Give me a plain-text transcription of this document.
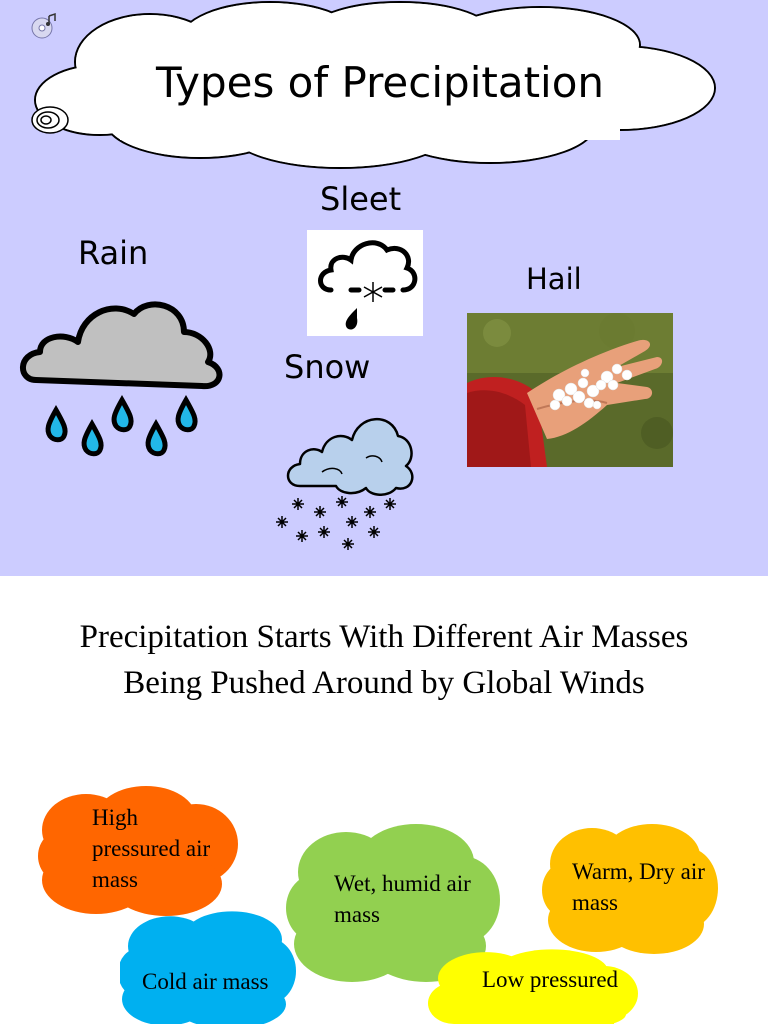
Types of Precipitation
Sleet
Rain
Hail
Snow
Precipitation Starts With Different Air Masses Being Pushed Around by Global Winds
High pressured air mass	Wet, humid air mass
Warm, Dry air mass
Cold air mass	Low pressured
